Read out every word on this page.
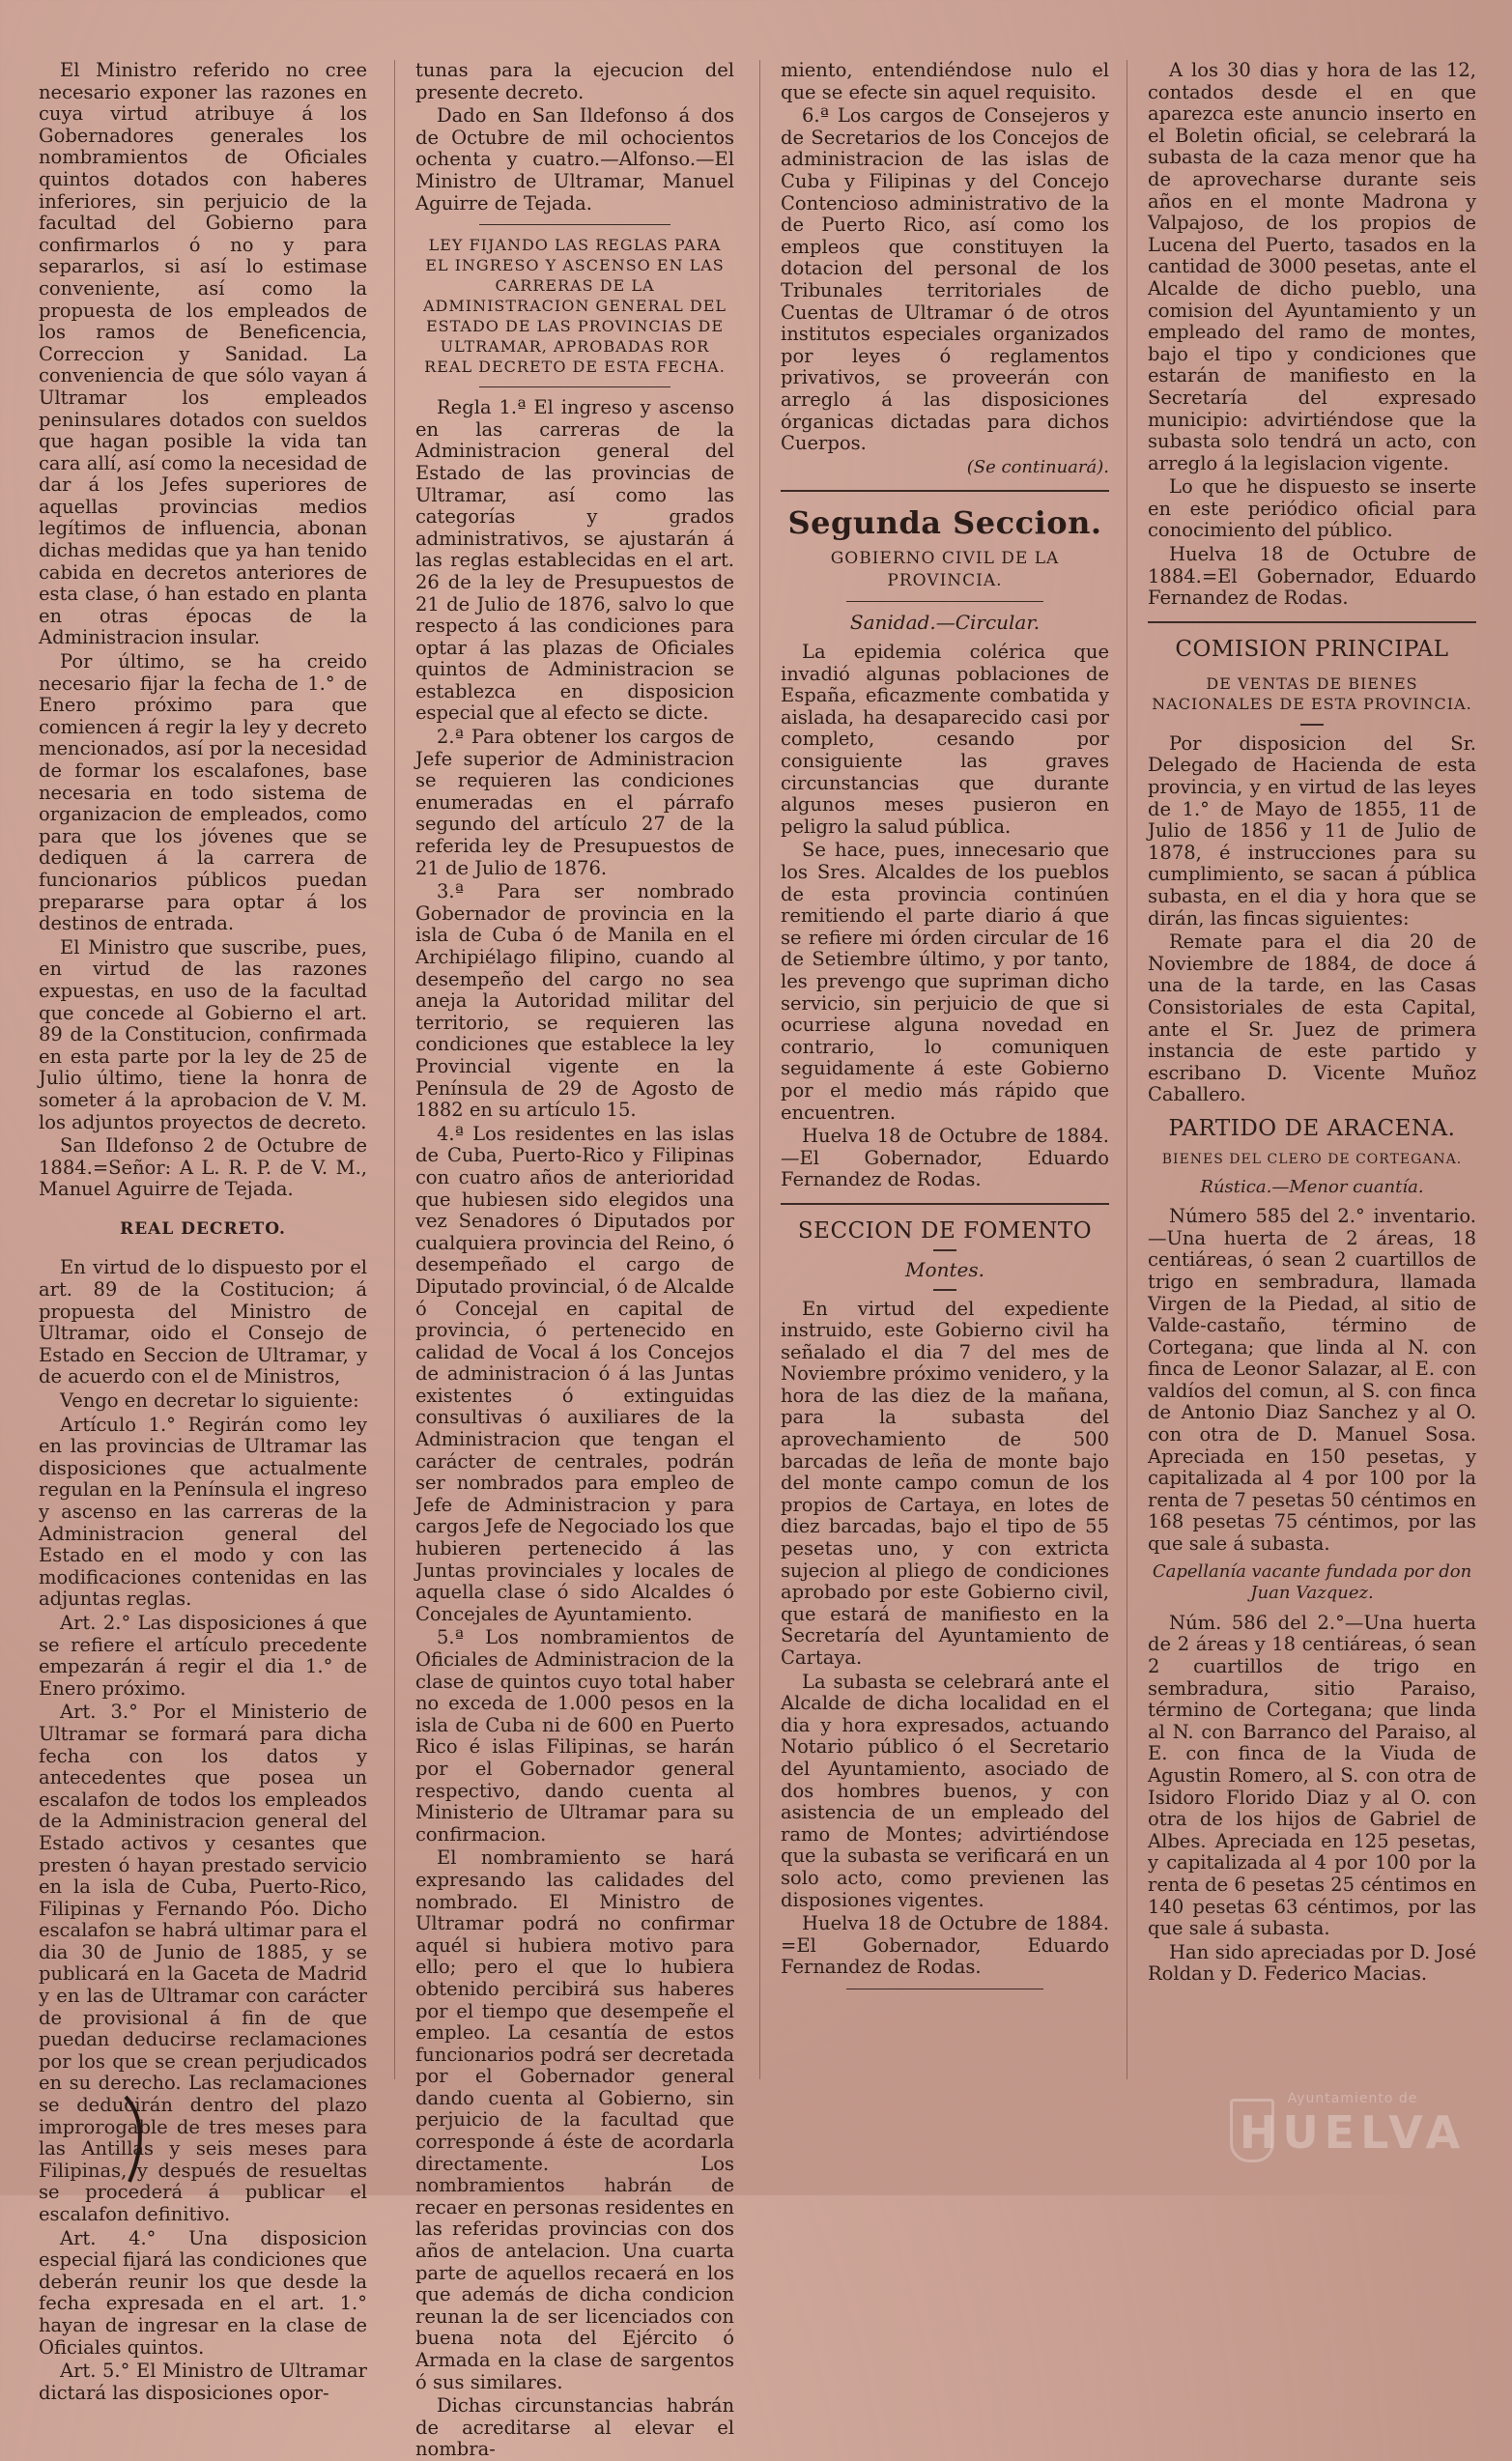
El Ministro referido no cree necesario exponer las razones en cuya virtud atribuye á los Gobernadores generales los nombramientos de Oficiales quintos dotados con haberes inferiores, sin perjuicio de la facultad del Gobierno para confirmarlos ó no y para separarlos, si así lo estimase conveniente, así como la propuesta de los empleados de los ramos de Beneficencia, Correccion y Sanidad. La conveniencia de que sólo vayan á Ultramar los empleados peninsulares dotados con sueldos que hagan posible la vida tan cara allí, así como la necesidad de dar á los Jefes superiores de aquellas provincias medios legítimos de influencia, abonan dichas medidas que ya han tenido cabida en decretos anteriores de esta clase, ó han estado en planta en otras épocas de la Administracion insular.

Por último, se ha creido necesario fijar la fecha de 1.° de Enero próximo para que comiencen á regir la ley y decreto mencionados, así por la necesidad de formar los escalafones, base necesaria en todo sistema de organizacion de empleados, como para que los jóvenes que se dediquen á la carrera de funcionarios públicos puedan prepararse para optar á los destinos de entrada.

El Ministro que suscribe, pues, en virtud de las razones expuestas, en uso de la facultad que concede al Gobierno el art. 89 de la Constitucion, confirmada en esta parte por la ley de 25 de Julio último, tiene la honra de someter á la aprobacion de V. M. los adjuntos proyectos de decreto.

San Ildefonso 2 de Octubre de 1884.=Señor: A L. R. P. de V. M., Manuel Aguirre de Tejada.

REAL DECRETO.

En virtud de lo dispuesto por el art. 89 de la Costitucion; á propuesta del Ministro de Ultramar, oido el Consejo de Estado en Seccion de Ultramar, y de acuerdo con el de Ministros,

Vengo en decretar lo siguiente:

Artículo 1.° Regirán como ley en las provincias de Ultramar las disposiciones que actualmente regulan en la Península el ingreso y ascenso en las carreras de la Administracion general del Estado en el modo y con las modificaciones contenidas en las adjuntas reglas.

Art. 2.° Las disposiciones á que se refiere el artículo precedente empezarán á regir el dia 1.° de Enero próximo.

Art. 3.° Por el Ministerio de Ultramar se formará para dicha fecha con los datos y antecedentes que posea un escalafon de todos los empleados de la Administracion general del Estado activos y cesantes que presten ó hayan prestado servicio en la isla de Cuba, Puerto-Rico, Filipinas y Fernando Póo. Dicho escalafon se habrá ultimar para el dia 30 de Junio de 1885, y se publicará en la Gaceta de Madrid y en las de Ultramar con carácter de provisional á fin de que puedan deducirse reclamaciones por los que se crean perjudicados en su derecho. Las reclamaciones se deducirán dentro del plazo improrogable de tres meses para las Antillas y seis meses para Filipinas, y después de resueltas se procederá á publicar el escalafon definitivo.

Art. 4.° Una disposicion especial fijará las condiciones que deberán reunir los que desde la fecha expresada en el art. 1.° hayan de ingresar en la clase de Oficiales quintos.

Art. 5.° El Ministro de Ultramar dictará las disposiciones opor-

tunas para la ejecucion del presente decreto.

Dado en San Ildefonso á dos de Octubre de mil ochocientos ochenta y cuatro.—Alfonso.—El Ministro de Ultramar, Manuel Aguirre de Tejada.

LEY FIJANDO LAS REGLAS PARA EL INGRESO Y ASCENSO EN LAS CARRERAS DE LA ADMINISTRACION GENERAL DEL ESTADO DE LAS PROVINCIAS DE ULTRAMAR, APROBADAS ROR REAL DECRETO DE ESTA FECHA.

Regla 1.ª El ingreso y ascenso en las carreras de la Administracion general del Estado de las provincias de Ultramar, así como las categorías y grados administrativos, se ajustarán á las reglas establecidas en el art. 26 de la ley de Presupuestos de 21 de Julio de 1876, salvo lo que respecto á las condiciones para optar á las plazas de Oficiales quintos de Administracion se establezca en disposicion especial que al efecto se dicte.

2.ª Para obtener los cargos de Jefe superior de Administracion se requieren las condiciones enumeradas en el párrafo segundo del artículo 27 de la referida ley de Presupuestos de 21 de Julio de 1876.

3.ª Para ser nombrado Gobernador de provincia en la isla de Cuba ó de Manila en el Archipiélago filipino, cuando al desempeño del cargo no sea aneja la Autoridad militar del territorio, se requieren las condiciones que establece la ley Provincial vigente en la Península de 29 de Agosto de 1882 en su artículo 15.

4.ª Los residentes en las islas de Cuba, Puerto-Rico y Filipinas con cuatro años de anterioridad que hubiesen sido elegidos una vez Senadores ó Diputados por cualquiera provincia del Reino, ó desempeñado el cargo de Diputado provincial, ó de Alcalde ó Concejal en capital de provincia, ó pertenecido en calidad de Vocal á los Concejos de administracion ó á las Juntas existentes ó extinguidas consultivas ó auxiliares de la Administracion que tengan el carácter de centrales, podrán ser nombrados para empleo de Jefe de Administracion y para cargos Jefe de Negociado los que hubieren pertenecido á las Juntas provinciales y locales de aquella clase ó sido Alcaldes ó Concejales de Ayuntamiento.

5.ª Los nombramientos de Oficiales de Administracion de la clase de quintos cuyo total haber no exceda de 1.000 pesos en la isla de Cuba ni de 600 en Puerto Rico é islas Filipinas, se harán por el Gobernador general respectivo, dando cuenta al Ministerio de Ultramar para su confirmacion.

El nombramiento se hará expresando las calidades del nombrado. El Ministro de Ultramar podrá no confirmar aquél si hubiera motivo para ello; pero el que lo hubiera obtenido percibirá sus haberes por el tiempo que desempeñe el empleo. La cesantía de estos funcionarios podrá ser decretada por el Gobernador general dando cuenta al Gobierno, sin perjuicio de la facultad que corresponde á éste de acordarla directamente. Los nombramientos habrán de recaer en personas residentes en las referidas provincias con dos años de antelacion. Una cuarta parte de aquellos recaerá en los que además de dicha condicion reunan la de ser licenciados con buena nota del Ejército ó Armada en la clase de sargentos ó sus similares.

Dichas circunstancias habrán de acreditarse al elevar el nombra-

miento, entendiéndose nulo el que se efecte sin aquel requisito.

6.ª Los cargos de Consejeros y de Secretarios de los Concejos de administracion de las islas de Cuba y Filipinas y del Concejo Contencioso administrativo de la de Puerto Rico, así como los empleos que constituyen la dotacion del personal de los Tribunales territoriales de Cuentas de Ultramar ó de otros institutos especiales organizados por leyes ó reglamentos privativos, se proveerán con arreglo á las disposiciones órganicas dictadas para dichos Cuerpos.

(Se continuará).
Segunda Seccion.
GOBIERNO CIVIL DE LA PROVINCIA.
Sanidad.—Circular.

La epidemia colérica que invadió algunas poblaciones de España, eficazmente combatida y aislada, ha desaparecido casi por completo, cesando por consiguiente las graves circunstancias que durante algunos meses pusieron en peligro la salud pública.

Se hace, pues, innecesario que los Sres. Alcaldes de los pueblos de esta provincia continúen remitiendo el parte diario á que se refiere mi órden circular de 16 de Setiembre último, y por tanto, les prevengo que supriman dicho servicio, sin perjuicio de que si ocurriese alguna novedad en contrario, lo comuniquen seguidamente á este Gobierno por el medio más rápido que encuentren.

Huelva 18 de Octubre de 1884.—El Gobernador, Eduardo Fernandez de Rodas.

SECCION DE FOMENTO
Montes.

En virtud del expediente instruido, este Gobierno civil ha señalado el dia 7 del mes de Noviembre próximo venidero, y la hora de las diez de la mañana, para la subasta del aprovechamiento de 500 barcadas de leña de monte bajo del monte campo comun de los propios de Cartaya, en lotes de diez barcadas, bajo el tipo de 55 pesetas uno, y con extricta sujecion al pliego de condiciones aprobado por este Gobierno civil, que estará de manifiesto en la Secretaría del Ayuntamiento de Cartaya.

La subasta se celebrará ante el Alcalde de dicha localidad en el dia y hora expresados, actuando Notario público ó el Secretario del Ayuntamiento, asociado de dos hombres buenos, y con asistencia de un empleado del ramo de Montes; advirtiéndose que la subasta se verificará en un solo acto, como previenen las disposiones vigentes.

Huelva 18 de Octubre de 1884. =El Gobernador, Eduardo Fernandez de Rodas.

A los 30 dias y hora de las 12, contados desde el en que aparezca este anuncio inserto en el Boletin oficial, se celebrará la subasta de la caza menor que ha de aprovecharse durante seis años en el monte Madrona y Valpajoso, de los propios de Lucena del Puerto, tasados en la cantidad de 3000 pesetas, ante el Alcalde de dicho pueblo, una comision del Ayuntamiento y un empleado del ramo de montes, bajo el tipo y condiciones que estarán de manifiesto en la Secretaría del expresado municipio: advirtiéndose que la subasta solo tendrá un acto, con arreglo á la legislacion vigente.

Lo que he dispuesto se inserte en este periódico oficial para conocimiento del público.

Huelva 18 de Octubre de 1884.=El Gobernador, Eduardo Fernandez de Rodas.

COMISION PRINCIPAL
DE VENTAS DE BIENES NACIONALES DE ESTA PROVINCIA.

Por disposicion del Sr. Delegado de Hacienda de esta provincia, y en virtud de las leyes de 1.° de Mayo de 1855, 11 de Julio de 1856 y 11 de Julio de 1878, é instrucciones para su cumplimiento, se sacan á pública subasta, en el dia y hora que se dirán, las fincas siguientes:

Remate para el dia 20 de Noviembre de 1884, de doce á una de la tarde, en las Casas Consistoriales de esta Capital, ante el Sr. Juez de primera instancia de este partido y escribano D. Vicente Muñoz Caballero.

PARTIDO DE ARACENA.
BIENES DEL CLERO DE CORTEGANA.
Rústica.—Menor cuantía.

Número 585 del 2.° inventario.—Una huerta de 2 áreas, 18 centiáreas, ó sean 2 cuartillos de trigo en sembradura, llamada Virgen de la Piedad, al sitio de Valde-castaño, término de Cortegana; que linda al N. con finca de Leonor Salazar, al E. con valdíos del comun, al S. con finca de Antonio Diaz Sanchez y al O. con otra de D. Manuel Sosa. Apreciada en 150 pesetas, y capitalizada al 4 por 100 por la renta de 7 pesetas 50 céntimos en 168 pesetas 75 céntimos, por las que sale á subasta.

Capellanía vacante fundada por don Juan Vazquez.

Núm. 586 del 2.°—Una huerta de 2 áreas y 18 centiáreas, ó sean 2 cuartillos de trigo en sembradura, sitio Paraiso, término de Cortegana; que linda al N. con Barranco del Paraiso, al E. con finca de la Viuda de Agustin Romero, al S. con otra de Isidoro Florido Diaz y al O. con otra de los hijos de Gabriel de Albes. Apreciada en 125 pesetas, y capitalizada al 4 por 100 por la renta de 6 pesetas 25 céntimos en 140 pesetas 63 céntimos, por las que sale á subasta.

Han sido apreciadas por D. José Roldan y D. Federico Macias.

Ayuntamiento de
HUELVA
